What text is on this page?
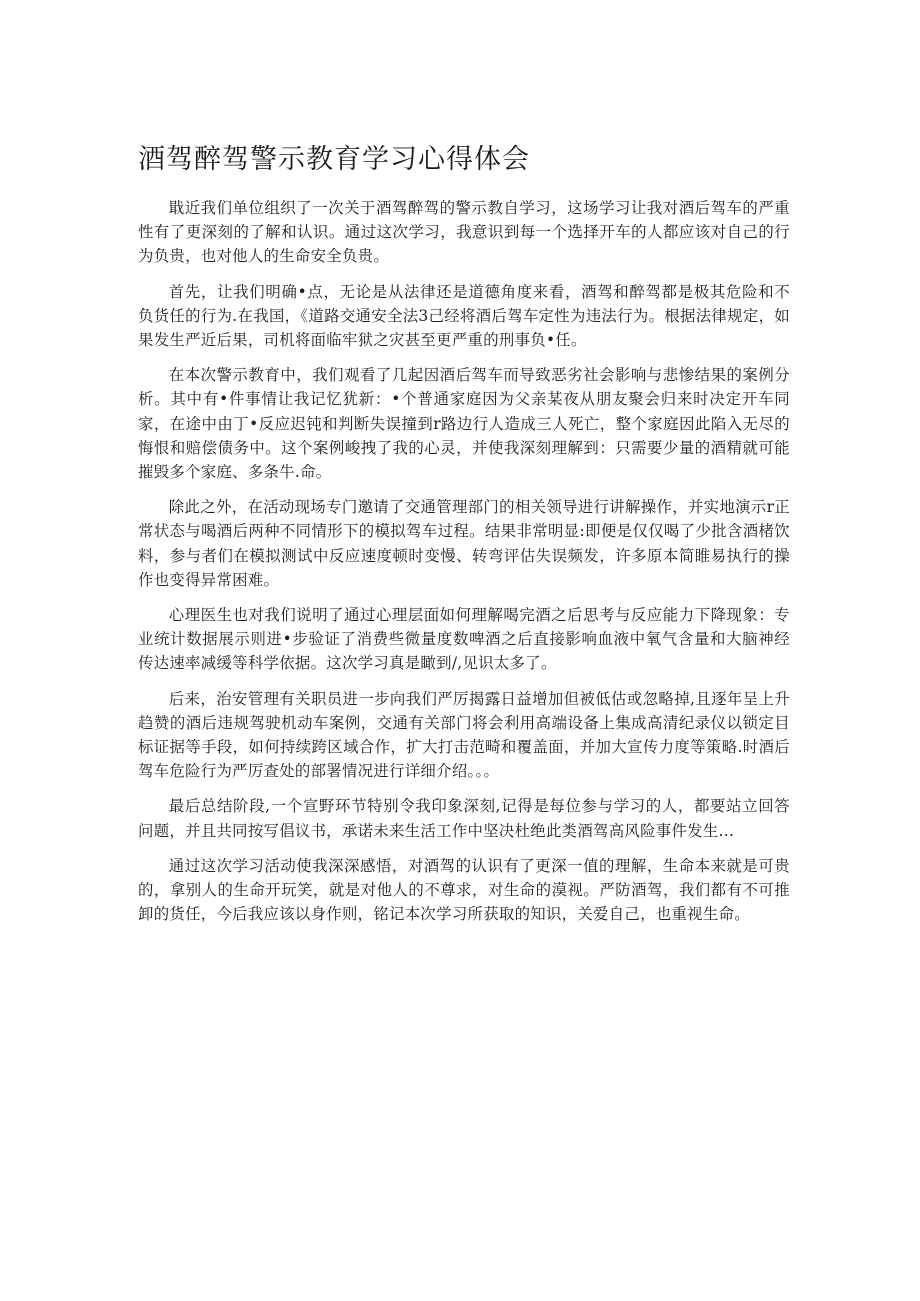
酒驾醉驾警示教育学习心得体会

戢近我们单位组织了一次关于酒驾醉驾的警示教自学习，这场学习让我对酒后驾车的严重性有了更深刻的了解和认识。通过这次学习，我意识到每一个选择开车的人都应该对自己的行为负贵，也对他人的生命安全负贵。

首先，让我们明确•点，无论是从法律还是道德角度来看，酒驾和醉驾都是极其危险和不负货任的行为.在我国，《道路交通安全法3己经将酒后驾车定性为违法行为。根据法律规定，如果发生严近后果，司机将面临牢狱之灾甚至更严重的刑事负•任。

在本次警示教育中，我们观看了几起因酒后驾车而导致恶劣社会影响与悲惨结果的案例分析。其中有•件事情让我记忆犹新：•个普通家庭因为父亲某夜从朋友聚会归来时决定开车同家，在途中由丁•反应迟钝和判断失误撞到r路边行人造成三人死亡，整个家庭因此陷入无尽的悔恨和赔偿债务中。这个案例峻拽了我的心灵，并使我深刻理解到：只需要少量的酒精就可能摧毁多个家庭、多条牛.命。

除此之外，在活动现场专门邀请了交通管理部门的相关领导进行讲解操作，并实地演示r正常状态与喝酒后两种不同情形下的模拟驾车过程。结果非常明显:即便是仅仅喝了少批含酒楮饮料，参与者们在模拟测试中反应速度顿时变慢、转弯评估失误频发，许多原本简睢易执行的操作也变得异常困难。

心理医生也对我们说明了通过心理层面如何理解喝完酒之后思考与反应能力下降现象：专业统计数据展示则进•步验证了消费些微量度数啤酒之后直接影响血液中氧气含量和大脑神经传达速率减缓等科学依据。这次学习真是瞰到/,见识太多了。

后来，治安管理有关职员进一步向我们严厉揭露日益增加但被低估或忽略掉,且逐年呈上升趋赞的酒后违规驾驶机动车案例，交通有关部门将会利用高端设备上集成高清纪录仪以锁定目标证据等手段，如何持续跨区域合作，扩大打击范畸和覆盖面，并加大宣传力度等策略.时酒后驾车危险行为严厉查处的部署情况进行详细介绍。。。

最后总结阶段,一个宣野环节特别令我印象深刻,记得是每位参与学习的人，都要站立回答问题，并且共同按写倡议书，承诺未来生活工作中坚决杜绝此类酒驾高风险事件发生...

通过这次学习活动使我深深感悟，对酒驾的认识有了更深一值的理解，生命本来就是可贵的，拿别人的生命开玩笑，就是对他人的不尊求，对生命的漠视。严防酒驾，我们都有不可推卸的货任，今后我应该以身作则，铭记本次学习所获取的知识，关爱自己，也重视生命。
